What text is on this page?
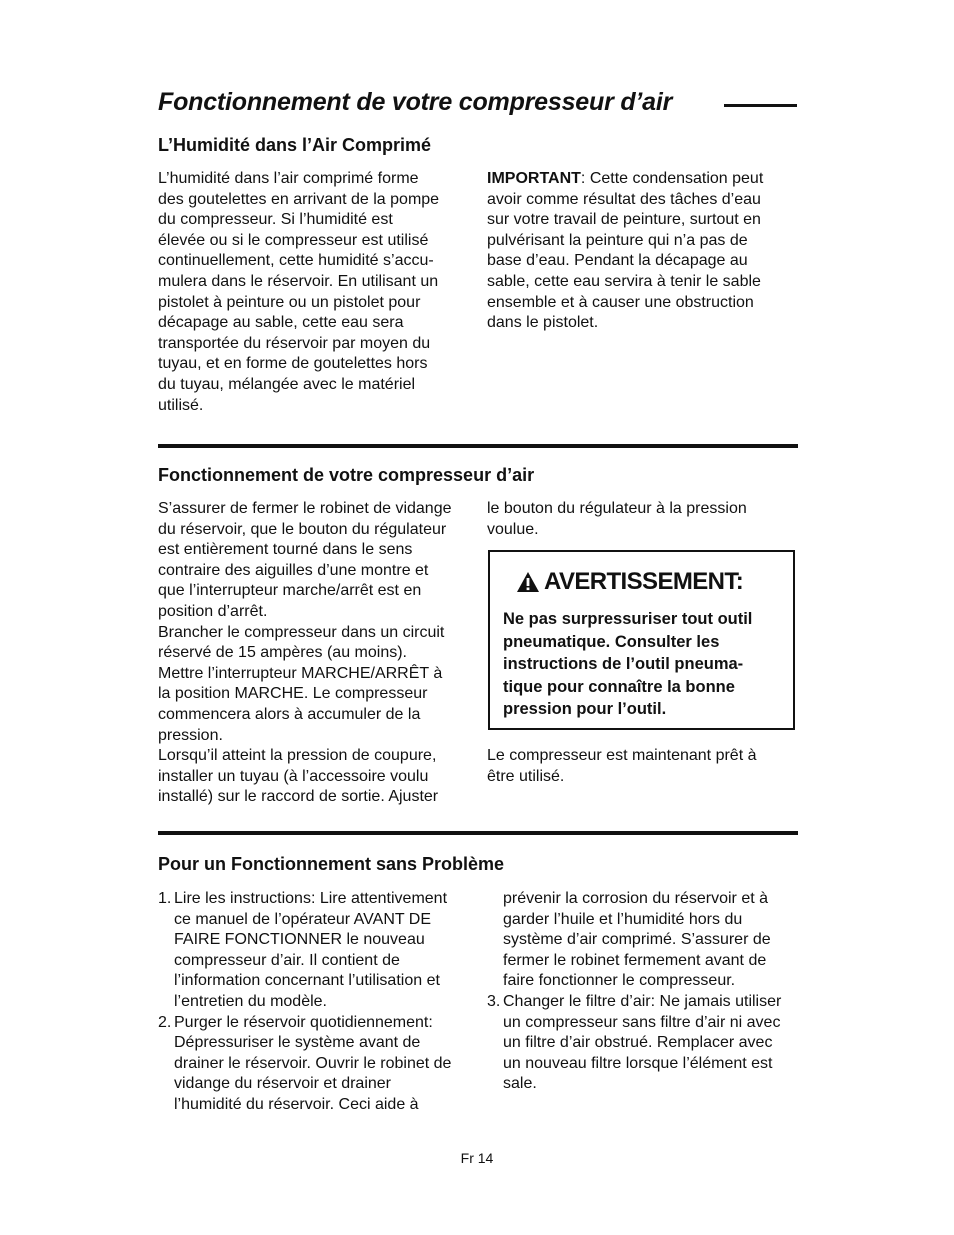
Fonctionnement de votre compresseur d’air
L’Humidité dans l’Air Comprimé

L’humidité dans l’air comprimé forme

des goutelettes en arrivant de la pompe

du compresseur. Si l’humidité est

élevée ou si le compresseur est utilisé

continuellement, cette humidité s’accu-

mulera dans le réservoir. En utilisant un

pistolet à peinture ou un pistolet pour

décapage au sable, cette eau sera

transportée du réservoir par moyen du

tuyau, et en forme de goutelettes hors

du tuyau, mélangée avec le matériel

utilisé.

IMPORTANT: Cette condensation peut

avoir comme résultat des tâches d’eau

sur votre travail de peinture, surtout en

pulvérisant la peinture qui n’a pas de

base d’eau. Pendant la décapage au

sable, cette eau servira à tenir le sable

ensemble et à causer une obstruction

dans le pistolet.

Fonctionnement de votre compresseur d’air

S’assurer de fermer le robinet de vidange

du réservoir, que le bouton du régulateur

est entièrement tourné dans le sens

contraire des aiguilles d’une montre et

que l’interrupteur marche/arrêt est en

position d’arrêt.

Brancher le compresseur dans un circuit

réservé de 15 ampères (au moins).

Mettre l’interrupteur MARCHE/ARRÊT à

la position MARCHE. Le compresseur

commencera alors à accumuler de la

pression.

Lorsqu’il atteint la pression de coupure,

installer un tuyau (à l’accessoire voulu

installé) sur le raccord de sortie. Ajuster

le bouton du régulateur à la pression

voulue.

AVERTISSEMENT:
Ne pas surpressuriser tout outil
pneumatique. Consulter les
instructions de l’outil pneuma-
tique pour connaître la bonne
pression pour l’outil.

Le compresseur est maintenant prêt à

être utilisé.

Pour un Fonctionnement sans Problème
1. Lire les instructions: Lire attentivement
ce manuel de l’opérateur AVANT DE
FAIRE FONCTIONNER le nouveau
compresseur d’air. Il contient de
l’information concernant l’utilisation et
l’entretien du modèle.
2. Purger le réservoir quotidiennement:
Dépressuriser le système avant de
drainer le réservoir. Ouvrir le robinet de
vidange du réservoir et drainer
l’humidité du réservoir. Ceci aide à
prévenir la corrosion du réservoir et à
garder l’huile et l’humidité hors du
système d’air comprimé. S’assurer de
fermer le robinet fermement avant de
faire fonctionner le compresseur.
3. Changer le filtre d’air: Ne jamais utiliser
un compresseur sans filtre d’air ni avec
un filtre d’air obstrué. Remplacer avec
un nouveau filtre lorsque l’élément est
sale.
Fr 14
